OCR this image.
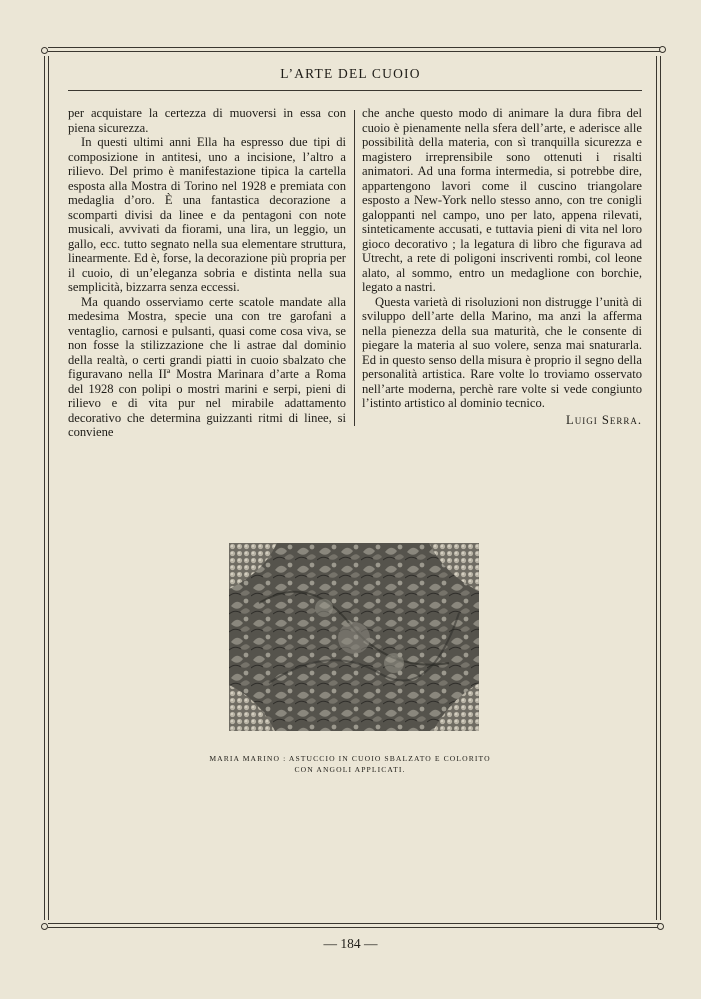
L’ARTE DEL CUOIO

per acquistare la certezza di muoversi in essa con piena sicurezza.

In questi ultimi anni Ella ha espresso due tipi di composizione in antitesi, uno a incisione, l’altro a rilievo. Del primo è manifestazione tipica la cartella esposta alla Mostra di Torino nel 1928 e premiata con medaglia d’oro. È una fantastica decorazione a scomparti divisi da linee e da pentagoni con note musicali, avvivati da fiorami, una lira, un leggio, un gallo, ecc. tutto segnato nella sua elementare struttura, linearmente. Ed è, forse, la decorazione più propria per il cuoio, di un’eleganza sobria e distinta nella sua semplicità, bizzarra senza eccessi.

Ma quando osserviamo certe scatole mandate alla medesima Mostra, specie una con tre garofani a ventaglio, carnosi e pulsanti, quasi come cosa viva, se non fosse la stilizzazione che li astrae dal dominio della realtà, o certi grandi piatti in cuoio sbalzato che figuravano nella IIª Mostra Marinara d’arte a Roma del 1928 con polipi o mostri marini e serpi, pieni di rilievo e di vita pur nel mirabile adattamento decorativo che determina guizzanti ritmi di linee, si conviene

che anche questo modo di animare la dura fibra del cuoio è pienamente nella sfera dell’arte, e aderisce alle possibilità della materia, con sì tranquilla sicurezza e magistero irreprensibile sono ottenuti i risalti animatori. Ad una forma intermedia, si potrebbe dire, appartengono lavori come il cuscino triangolare esposto a New-York nello stesso anno, con tre conigli galoppanti nel campo, uno per lato, appena rilevati, sinteticamente accusati, e tuttavia pieni di vita nel loro gioco decorativo ; la legatura di libro che figurava ad Utrecht, a rete di poligoni inscriventi rombi, col leone alato, al sommo, entro un medaglione con borchie, legato a nastri.

Questa varietà di risoluzioni non distrugge l’unità di sviluppo dell’arte della Marino, ma anzi la afferma nella pienezza della sua maturità, che le consente di piegare la materia al suo volere, senza mai snaturarla. Ed in questo senso della misura è proprio il segno della personalità artistica. Rare volte lo troviamo osservato nell’arte moderna, perchè rare volte si vede congiunto l’istinto artistico al dominio tecnico.

Luigi Serra.
MARIA MARINO : ASTUCCIO IN CUOIO SBALZATO E COLORITO
CON ANGOLI APPLICATI.
— 184 —
